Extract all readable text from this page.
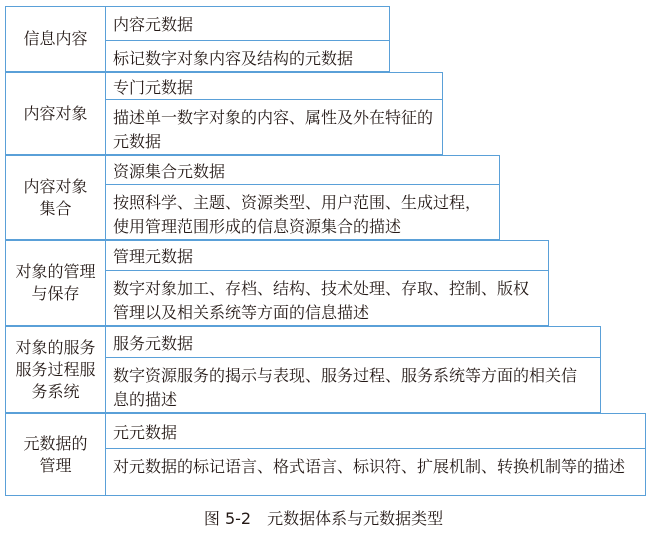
信息内容
内容元数据
标记数字对象内容及结构的元数据
内容对象
专门元数据
描述单一数字对象的内容、属性及外在特征的元数据
内容对象集合
资源集合元数据
按照科学、主题、资源类型、用户范围、生成过程，使用管理范围形成的信息资源集合的描述
对象的管理与保存
管理元数据
数字对象加工、存档、结构、技术处理、存取、控制、版权管理以及相关系统等方面的信息描述
对象的服务服务过程服务系统
服务元数据
数字资源服务的揭示与表现、服务过程、服务系统等方面的相关信息的描述
元数据的管理
元元数据
对元数据的标记语言、格式语言、标识符、扩展机制、转换机制等的描述
图 5-2　元数据体系与元数据类型
